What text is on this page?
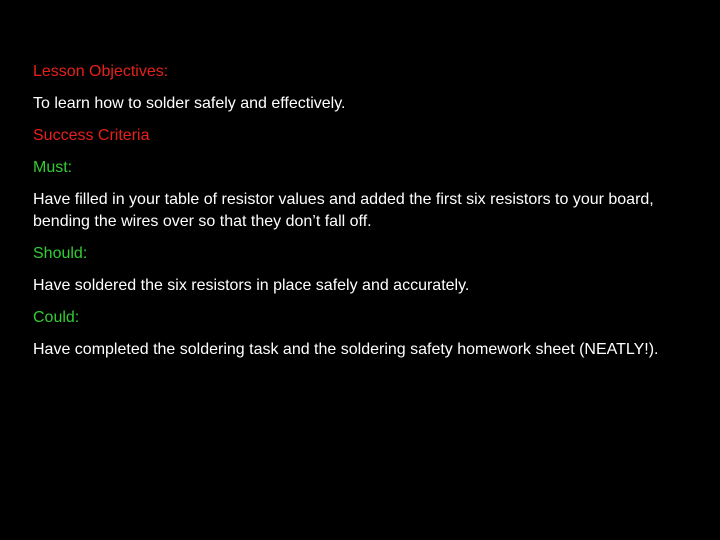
Lesson Objectives:
To learn how to solder safely and effectively.
Success Criteria
Must:
Have filled in your table of resistor values and added the first six resistors to your board, bending the wires over so that they don’t fall off.
Should:
Have soldered the six resistors in place safely and accurately.
Could:
Have completed the soldering task and the soldering safety homework sheet (NEATLY!).
